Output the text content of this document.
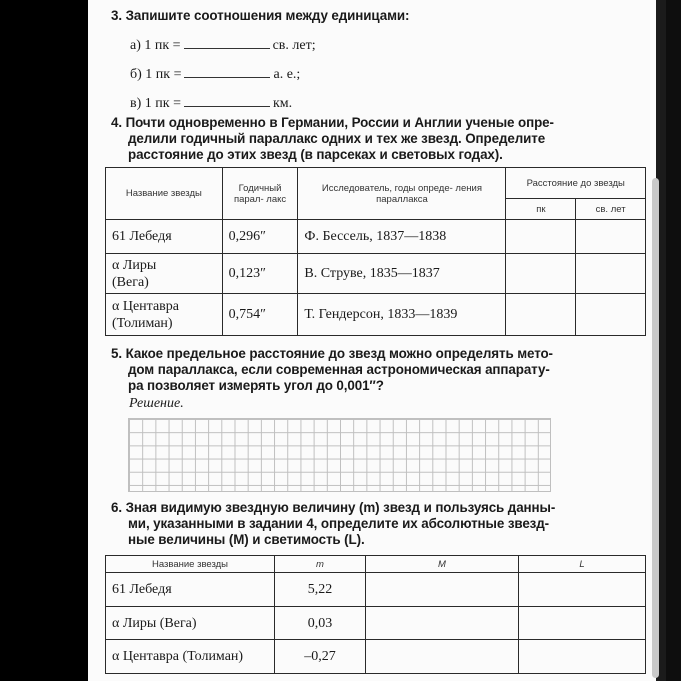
3. Запишите соотношения между единицами:
а) 1 пк =	св. лет;
б) 1 пк =	а. е.;
в) 1 пк =	км.
4. Почти одновременно в Германии, России и Англии ученые опре-
делили годичный параллакс одних и тех же звезд. Определите
расстояние до этих звезд (в парсеках и световых годах).
Название звезды	Годичный парал- лакс	Исследователь, годы опреде- ления параллакса	Расстояние до звезды	
			пк	св. лет
61 Лебедя	0,296″	Ф. Бессель, 1837—1838		

α Лиры
(Вега)	0,123″	В. Струве, 1835—1837		

α Центавра
(Толиман)	0,754″	Т. Гендерсон, 1833—1839		
5. Какое предельное расстояние до звезд можно определять мето-
дом параллакса, если современная астрономическая аппарату-
ра позволяет измерять угол до 0,001″?
Решение.
6. Зная видимую звездную величину (m) звезд и пользуясь данны-
ми, указанными в задании 4, определите их абсолютные звезд-
ные величины (M) и светимость (L).
Название звезды	m	M	L
61 Лебедя	5,22		
α Лиры (Вега)	0,03		
α Центавра (Толиман)	–0,27		
